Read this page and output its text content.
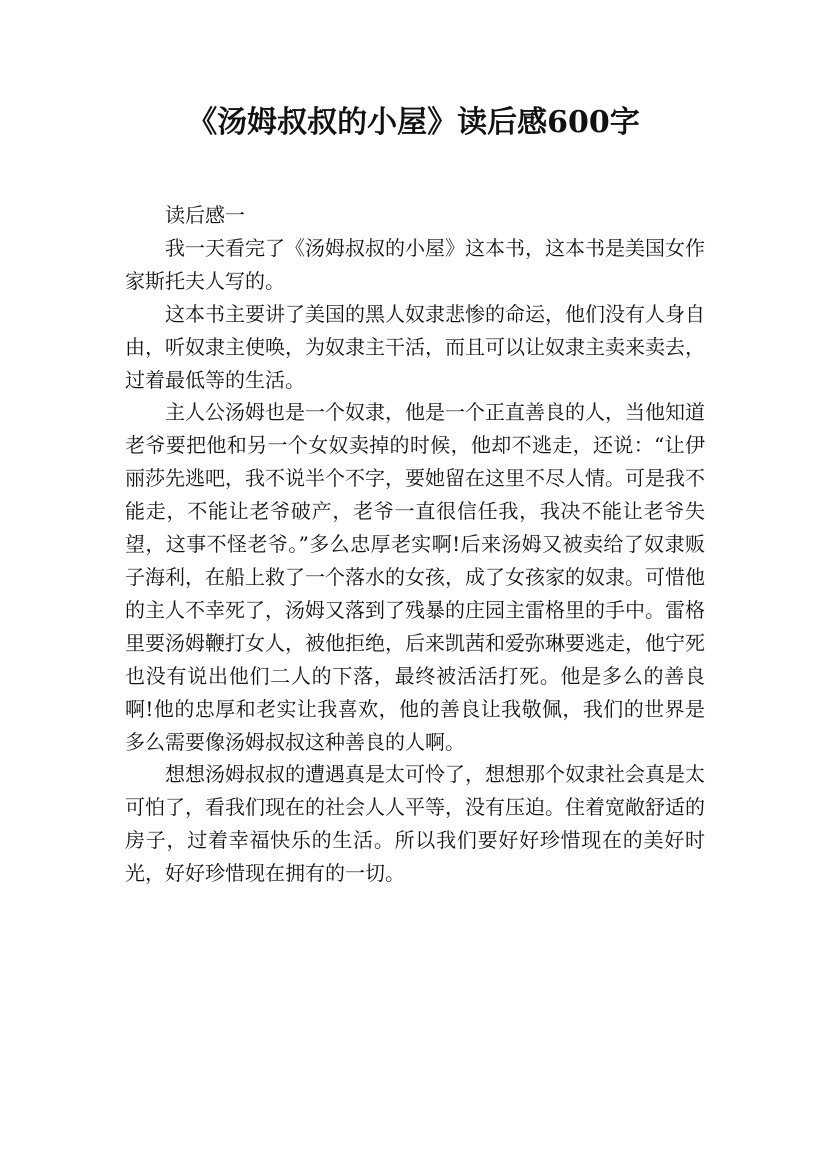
《汤姆叔叔的小屋》读后感600字

读后感一

我一天看完了《汤姆叔叔的小屋》这本书，这本书是美国女作家斯托夫人写的。

这本书主要讲了美国的黑人奴隶悲惨的命运，他们没有人身自由，听奴隶主使唤，为奴隶主干活，而且可以让奴隶主卖来卖去，过着最低等的生活。

主人公汤姆也是一个奴隶，他是一个正直善良的人，当他知道老爷要把他和另一个女奴卖掉的时候，他却不逃走，还说：“让伊丽莎先逃吧，我不说半个不字，要她留在这里不尽人情。可是我不能走，不能让老爷破产，老爷一直很信任我，我决不能让老爷失望，这事不怪老爷。”多么忠厚老实啊!后来汤姆又被卖给了奴隶贩子海利，在船上救了一个落水的女孩，成了女孩家的奴隶。可惜他的主人不幸死了，汤姆又落到了残暴的庄园主雷格里的手中。雷格里要汤姆鞭打女人，被他拒绝，后来凯茜和爱弥琳要逃走，他宁死也没有说出他们二人的下落，最终被活活打死。他是多么的善良啊!他的忠厚和老实让我喜欢，他的善良让我敬佩，我们的世界是多么需要像汤姆叔叔这种善良的人啊。

想想汤姆叔叔的遭遇真是太可怜了，想想那个奴隶社会真是太可怕了，看我们现在的社会人人平等，没有压迫。住着宽敞舒适的房子，过着幸福快乐的生活。所以我们要好好珍惜现在的美好时光，好好珍惜现在拥有的一切。
